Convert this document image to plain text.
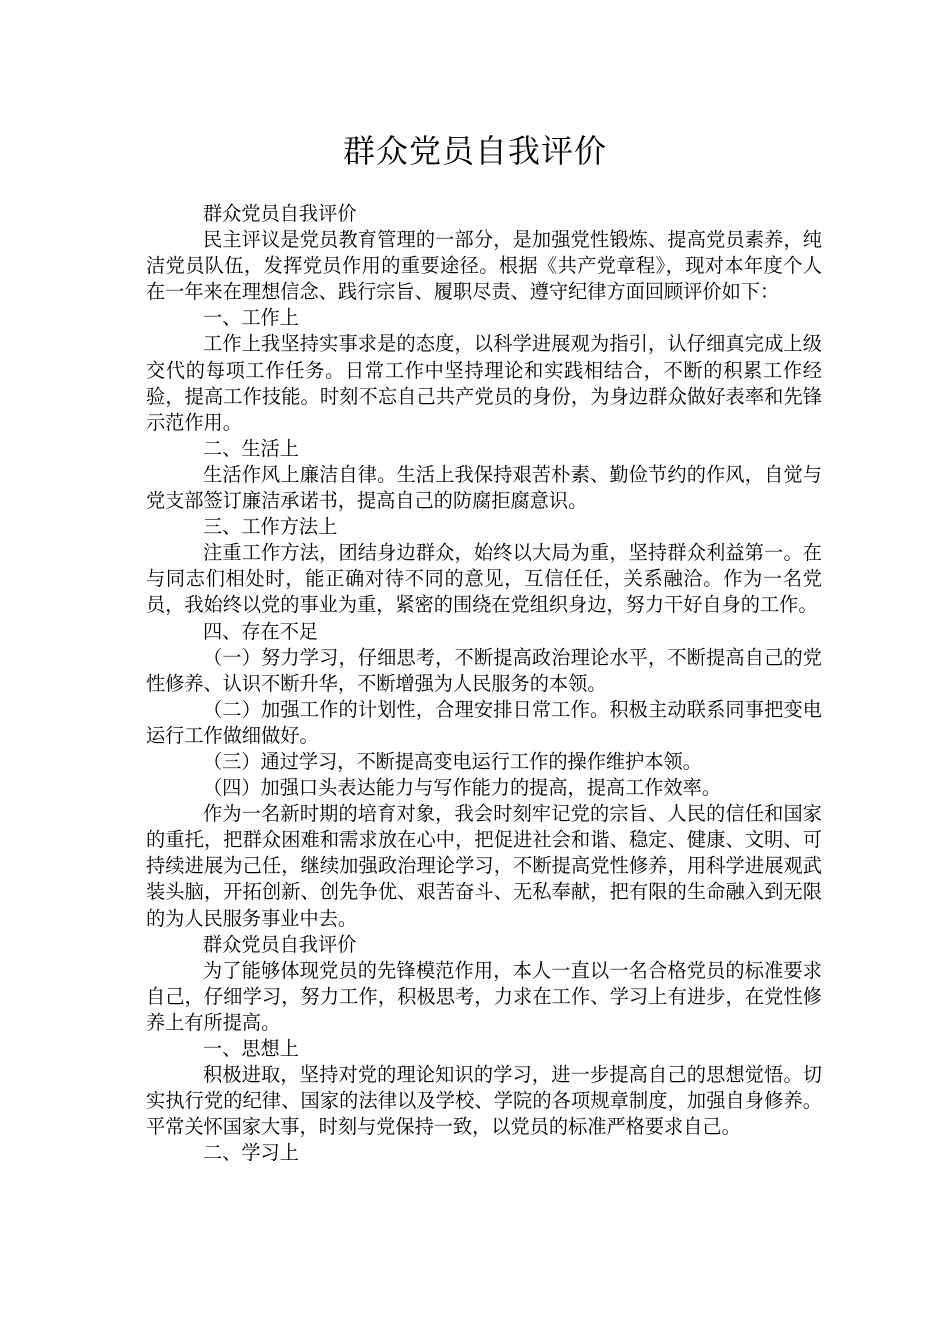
群众党员自我评价

群众党员自我评价

民主评议是党员教育管理的一部分，是加强党性锻炼、提高党员素养，纯洁党员队伍，发挥党员作用的重要途径。根据《共产党章程》，现对本年度个人在一年来在理想信念、践行宗旨、履职尽责、遵守纪律方面回顾评价如下：

一、工作上

工作上我坚持实事求是的态度，以科学进展观为指引，认仔细真完成上级交代的每项工作任务。日常工作中坚持理论和实践相结合，不断的积累工作经验，提高工作技能。时刻不忘自己共产党员的身份，为身边群众做好表率和先锋示范作用。

二、生活上

生活作风上廉洁自律。生活上我保持艰苦朴素、勤俭节约的作风，自觉与党支部签订廉洁承诺书，提高自己的防腐拒腐意识。

三、工作方法上

注重工作方法，团结身边群众，始终以大局为重，坚持群众利益第一。在与同志们相处时，能正确对待不同的意见，互信任任，关系融洽。作为一名党员，我始终以党的事业为重，紧密的围绕在党组织身边，努力干好自身的工作。

四、存在不足

（一）努力学习，仔细思考，不断提高政治理论水平，不断提高自己的党性修养、认识不断升华，不断增强为人民服务的本领。

（二）加强工作的计划性，合理安排日常工作。积极主动联系同事把变电运行工作做细做好。

（三）通过学习，不断提高变电运行工作的操作维护本领。

（四）加强口头表达能力与写作能力的提高，提高工作效率。

作为一名新时期的培育对象，我会时刻牢记党的宗旨、人民的信任和国家的重托，把群众困难和需求放在心中，把促进社会和谐、稳定、健康、文明、可持续进展为己任，继续加强政治理论学习，不断提高党性修养，用科学进展观武装头脑，开拓创新、创先争优、艰苦奋斗、无私奉献，把有限的生命融入到无限的为人民服务事业中去。

群众党员自我评价

为了能够体现党员的先锋模范作用，本人一直以一名合格党员的标准要求自己，仔细学习，努力工作，积极思考，力求在工作、学习上有进步，在党性修养上有所提高。

一、思想上

积极进取，坚持对党的理论知识的学习，进一步提高自己的思想觉悟。切实执行党的纪律、国家的法律以及学校、学院的各项规章制度，加强自身修养。平常关怀国家大事，时刻与党保持一致，以党员的标准严格要求自己。

二、学习上
